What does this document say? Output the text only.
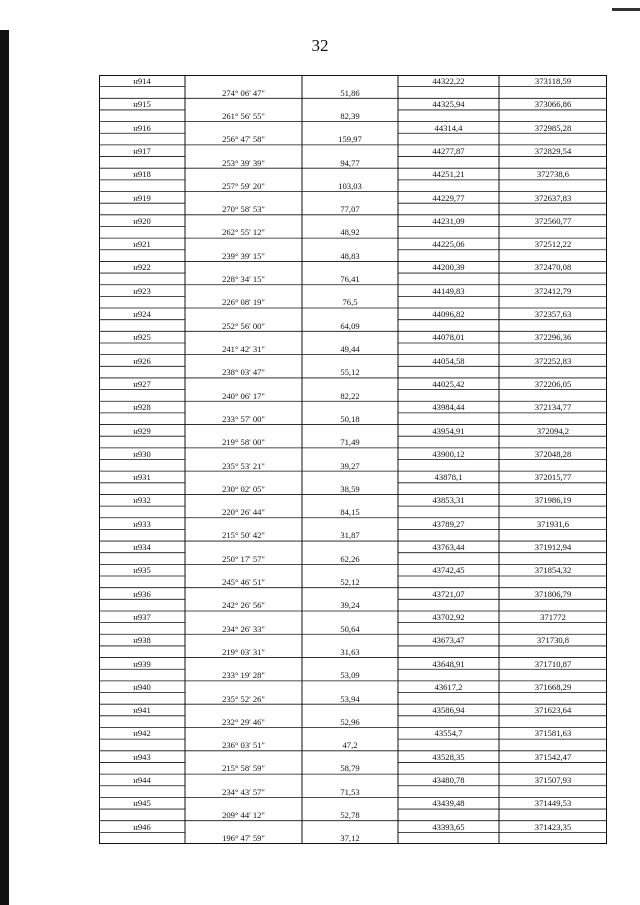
32
н914	44322,22	373118,59
274° 06' 47"	51,86
н915	44325,94	373066,86
261° 56' 55"	82,39
н916	44314,4	372985,28
256° 47' 58"	159,97
н917	44277,87	372829,54
253° 39' 39"	94,77
н918	44251,21	372738,6
257° 59' 20"	103,03
н919	44229,77	372637,83
270° 58' 53"	77,07
н920	44231,09	372560,77
262° 55' 12"	48,92
н921	44225,06	372512,22
239° 39' 15"	48,83
н922	44200,39	372470,08
228° 34' 15"	76,41
н923	44149,83	372412,79
226° 08' 19"	76,5
н924	44096,82	372357,63
252° 56' 00"	64,09
н925	44078,01	372296,36
241° 42' 31"	49,44
н926	44054,58	372252,83
238° 03' 47"	55,12
н927	44025,42	372206,05
240° 06' 17"	82,22
н928	43984,44	372134,77
233° 57' 00"	50,18
н929	43954,91	372094,2
219° 58' 00"	71,49
н930	43900,12	372048,28
235° 53' 21"	39,27
н931	43878,1	372015,77
230° 02' 05"	38,59
н932	43853,31	371986,19
220° 26' 44"	84,15
н933	43789,27	371931,6
215° 50' 42"	31,87
н934	43763,44	371912,94
250° 17' 57"	62,26
н935	43742,45	371854,32
245° 46' 51"	52,12
н936	43721,07	371806,79
242° 26' 56"	39,24
н937	43702,92	371772
234° 26' 33"	50,64
н938	43673,47	371730,8
219° 03' 31"	31,63
н939	43648,91	371710,87
233° 19' 28"	53,09
н940	43617,2	371668,29
235° 52' 26"	53,94
н941	43586,94	371623,64
232° 29' 46"	52,96
н942	43554,7	371581,63
236° 03' 51"	47,2
н943	43528,35	371542,47
215° 58' 59"	58,79
н944	43480,78	371507,93
234° 43' 57"	71,53
н945	43439,48	371449,53
209° 44' 12"	52,78
н946	43393,65	371423,35
196° 47' 59"	37,12
